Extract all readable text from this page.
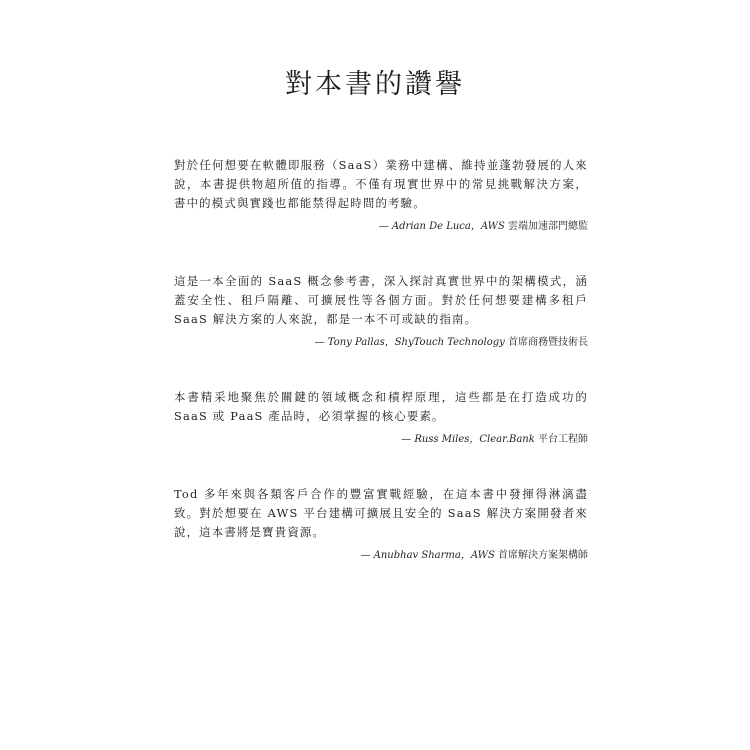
對本書的讚譽

對於任何想要在軟體即服務（SaaS）業務中建構、維持並蓬勃發展的人來說，本書提供物超所值的指導。不僅有現實世界中的常見挑戰解決方案，書中的模式與實踐也都能禁得起時間的考驗。

— Adrian De Luca，AWS 雲端加速部門總監

這是一本全面的 SaaS 概念參考書，深入探討真實世界中的架構模式，涵蓋安全性、租戶隔離、可擴展性等各個方面。對於任何想要建構多租戶 SaaS 解決方案的人來說，都是一本不可或缺的指南。

— Tony Pallas，ShyTouch Technology 首席商務暨技術長

本書精采地聚焦於關鍵的領域概念和積桿原理，這些都是在打造成功的 SaaS 或 PaaS 產品時，必須掌握的核心要素。

— Russ Miles，Clear.Bank 平台工程師

Tod 多年來與各類客戶合作的豐富實戰經驗，在這本書中發揮得淋漓盡致。對於想要在 AWS 平台建構可擴展且安全的 SaaS 解決方案開發者來說，這本書將是寶貴資源。

— Anubhav Sharma，AWS 首席解決方案架構師
